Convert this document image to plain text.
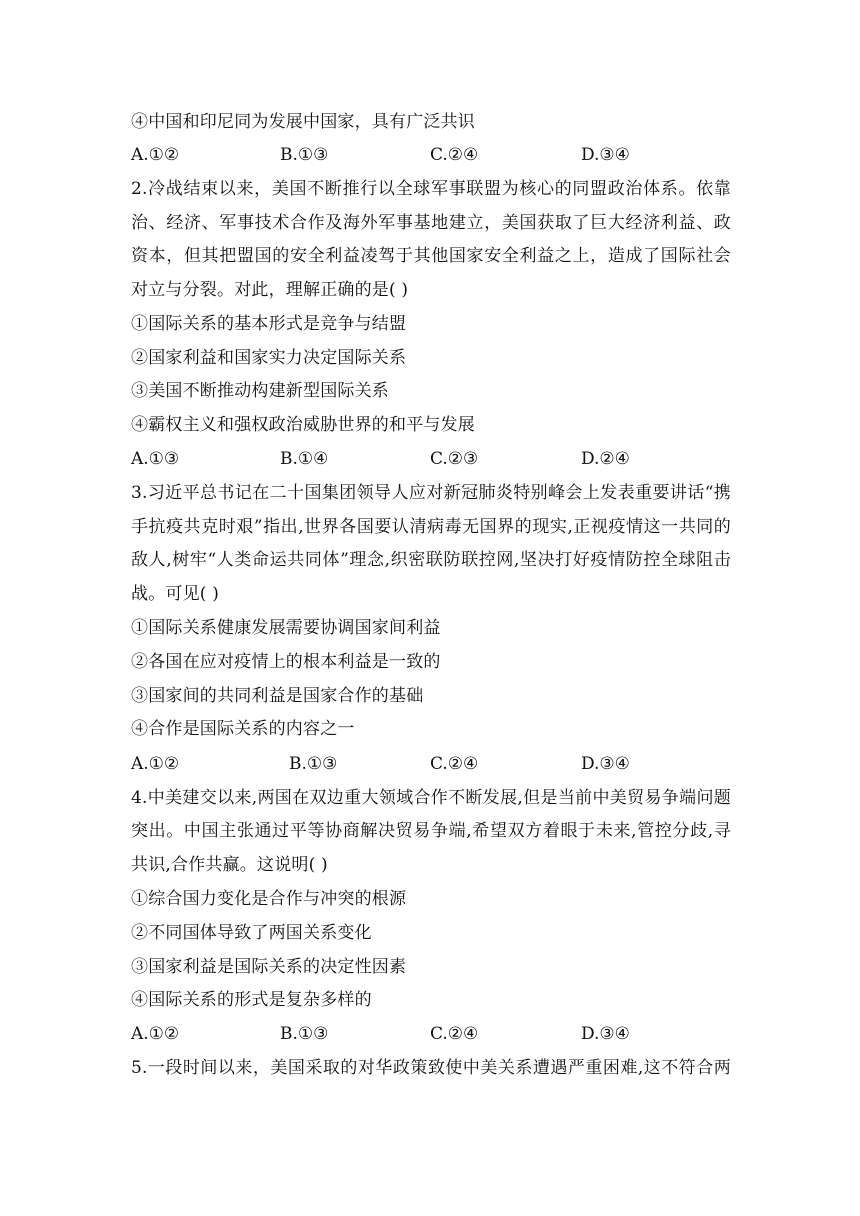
④中国和印尼同为发展中国家，具有广泛共识
A.①②	B.①③	C.②④	D.③④
2.冷战结束以来，美国不断推行以全球军事联盟为核心的同盟政治体系。依靠
治、经济、军事技术合作及海外军事基地建立，美国获取了巨大经济利益、政
资本，但其把盟国的安全利益凌驾于其他国家安全利益之上，造成了国际社会
对立与分裂。对此，理解正确的是( )
①国际关系的基本形式是竞争与结盟
②国家利益和国家实力决定国际关系
③美国不断推动构建新型国际关系
④霸权主义和强权政治威胁世界的和平与发展
A.①③	B.①④	C.②③	D.②④
3.习近平总书记在二十国集团领导人应对新冠肺炎特别峰会上发表重要讲话“携
手抗疫共克时艰”指出,世界各国要认清病毒无国界的现实,正视疫情这一共同的
敌人,树牢“人类命运共同体”理念,织密联防联控网,坚决打好疫情防控全球阻击
战。可见( )
①国际关系健康发展需要协调国家间利益
②各国在应对疫情上的根本利益是一致的
③国家间的共同利益是国家合作的基础
④合作是国际关系的内容之一
A.①②	B.①③	C.②④	D.③④
4.中美建交以来,两国在双边重大领域合作不断发展,但是当前中美贸易争端问题
突出。中国主张通过平等协商解决贸易争端,希望双方着眼于未来,管控分歧,寻
共识,合作共赢。这说明( )
①综合国力变化是合作与冲突的根源
②不同国体导致了两国关系变化
③国家利益是国际关系的决定性因素
④国际关系的形式是复杂多样的
A.①②	B.①③	C.②④	D.③④
5.一段时间以来，美国采取的对华政策致使中美关系遭遇严重困难,这不符合两
